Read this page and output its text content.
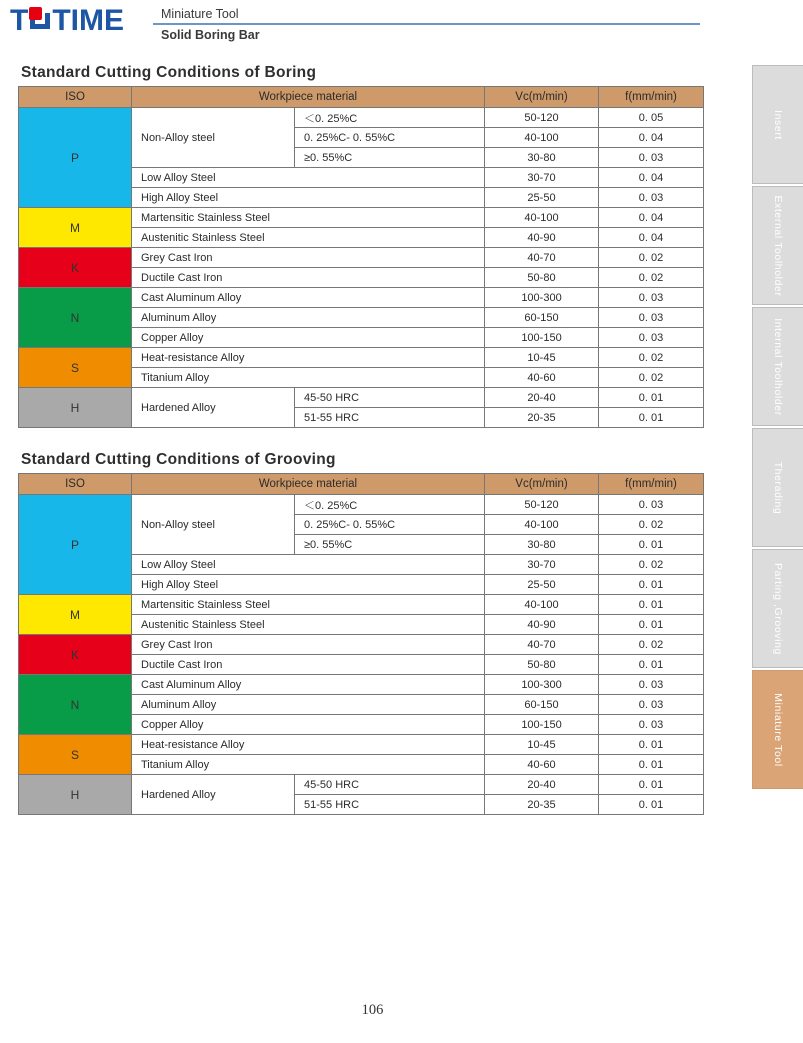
T TIME	Miniature Tool
Solid Boring Bar
Standard Cutting Conditions of Boring
ISO	Workpiece material		Vc(m/min)	f(mm/min)
P	Non-Alloy steel	＜0. 25%C	50-120	0. 05
		0. 25%C- 0. 55%C	40-100	0. 04
		≥0. 55%C	30-80	0. 03
	Low Alloy Steel		30-70	0. 04
	High Alloy Steel		25-50	0. 03
M	Martensitic Stainless Steel		40-100	0. 04
	Austenitic Stainless Steel		40-90	0. 04
K	Grey Cast Iron		40-70	0. 02
	Ductile Cast Iron		50-80	0. 02
N	Cast Aluminum Alloy		100-300	0. 03
	Aluminum Alloy		60-150	0. 03
	Copper Alloy		100-150	0. 03
S	Heat-resistance Alloy		10-45	0. 02
	Titanium Alloy		40-60	0. 02
H	Hardened Alloy	45-50 HRC	20-40	0. 01
		51-55 HRC	20-35	0. 01
Standard Cutting Conditions of Grooving
ISO	Workpiece material		Vc(m/min)	f(mm/min)
P	Non-Alloy steel	＜0. 25%C	50-120	0. 03
		0. 25%C- 0. 55%C	40-100	0. 02
		≥0. 55%C	30-80	0. 01
	Low Alloy Steel		30-70	0. 02
	High Alloy Steel		25-50	0. 01
M	Martensitic Stainless Steel		40-100	0. 01
	Austenitic Stainless Steel		40-90	0. 01
K	Grey Cast Iron		40-70	0. 02
	Ductile Cast Iron		50-80	0. 01
N	Cast Aluminum Alloy		100-300	0. 03
	Aluminum Alloy		60-150	0. 03
	Copper Alloy		100-150	0. 03
S	Heat-resistance Alloy		10-45	0. 01
	Titanium Alloy		40-60	0. 01
H	Hardened Alloy	45-50 HRC	20-40	0. 01
		51-55 HRC	20-35	0. 01
Insert
External Toolholder
Internal Toolholder
Therading
Parting ,Grooving
Miniature Tool
106
